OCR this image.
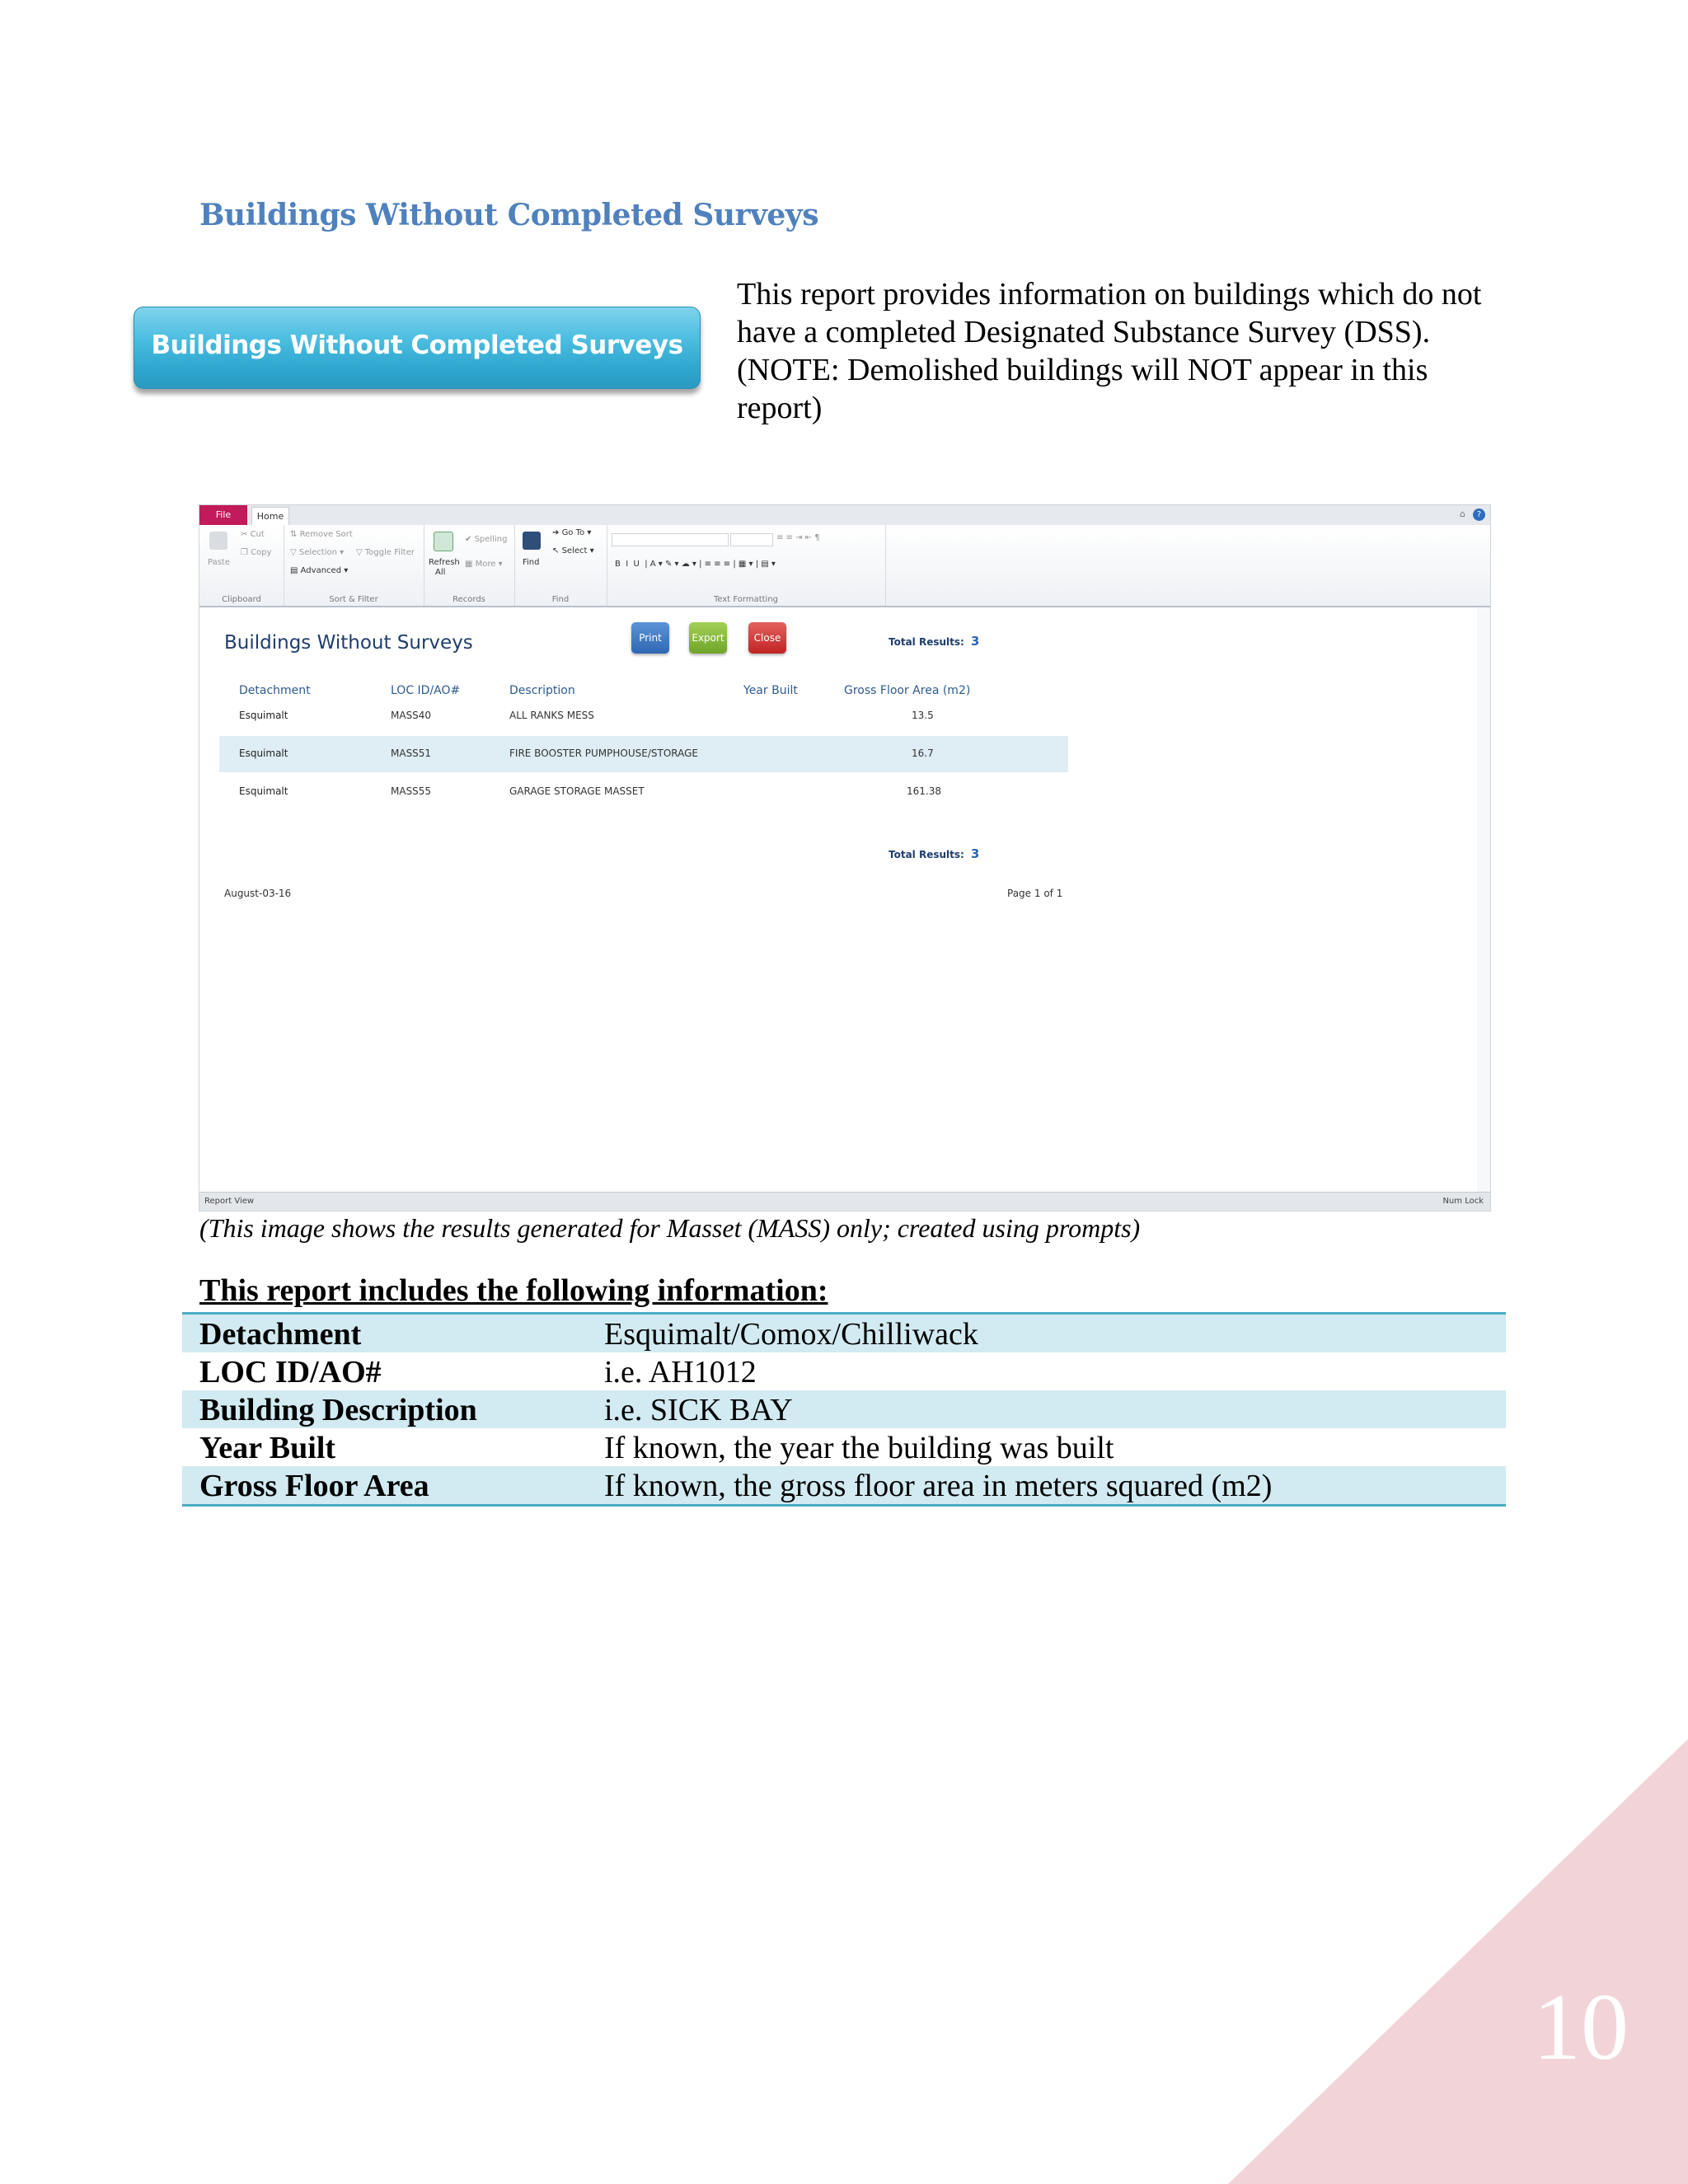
10
Buildings Without Completed Surveys
Buildings Without Completed Surveys
This report provides information on buildings which do not have a completed Designated Substance Survey (DSS). (NOTE: Demolished buildings will NOT appear in this report)
File	Home	⌂	?
Paste
✂ Cut
❐ Copy
Clipboard
⇅ Remove Sort
▽ Selection ▾
▤ Advanced ▾
▽ Toggle Filter
Sort & Filter
Refresh
All
✔ Spelling
▦ More ▾
Records
Find
➔ Go To ▾
↖ Select ▾
Find
≡ ≡ ⇥ ⇤ ¶
B  I  U  | A ▾ ✎ ▾ ☁ ▾ | ≡ ≡ ≡ | ▦ ▾ | ▤ ▾
Text Formatting
Buildings Without Surveys	Print	Export	Close	Total Results: 3
Detachment	LOC ID/AO#	Description	Year Built	Gross Floor Area (m2)
Esquimalt	MASS40	ALL RANKS MESS	13.5
Esquimalt	MASS51	FIRE BOOSTER PUMPHOUSE/STORAGE	16.7
Esquimalt	MASS55	GARAGE STORAGE MASSET	161.38
Total Results: 3
August-03-16	Page 1 of 1
Report View	Num Lock
(This image shows the results generated for Masset (MASS) only; created using prompts)
This report includes the following information:
Detachment	Esquimalt/Comox/Chilliwack
LOC ID/AO#	i.e. AH1012
Building Description	i.e. SICK BAY
Year Built	If known, the year the building was built
Gross Floor Area	If known, the gross floor area in meters squared (m2)
